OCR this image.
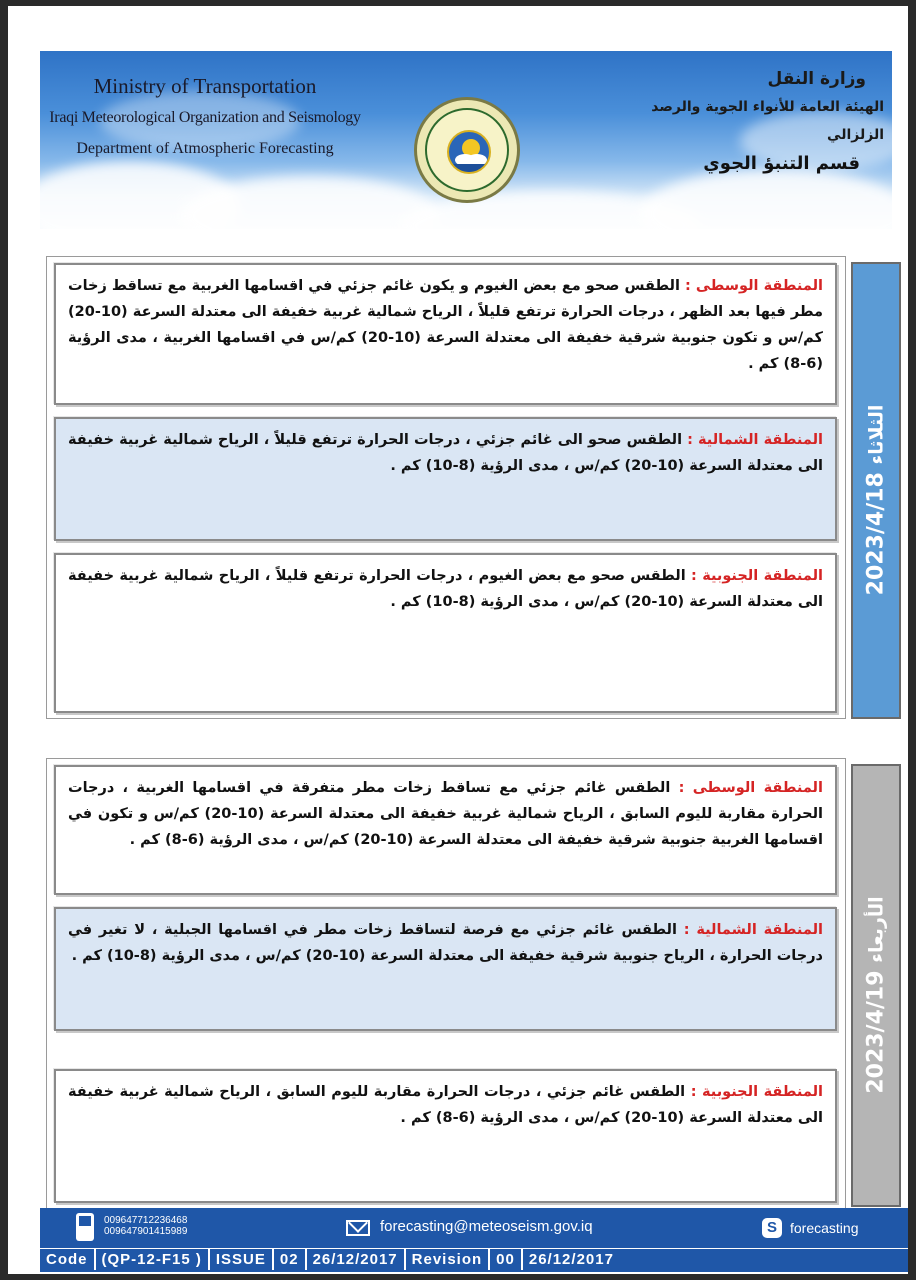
Ministry of Transportation
Iraqi Meteorological Organization and Seismology
Department of Atmospheric Forecasting
وزارة النقل
الهيئة العامة للأنواء الجوية والرصد الزلزالي
قسم التنبؤ الجوي
المنطقة الوسطى : الطقس صحو مع بعض الغيوم و يكون غائم جزئي في اقسامها الغربية مع تساقط زخات مطر فيها بعد الظهر ، درجات الحرارة ترتفع قليلاً ، الرياح شمالية غربية خفيفة الى معتدلة السرعة (10-20) كم/س و تكون جنوبية شرقية خفيفة الى معتدلة السرعة (10-20) كم/س في اقسامها الغربية ، مدى الرؤية (6-8) كم .
المنطقة الشمالية : الطقس صحو الى غائم جزئي ، درجات الحرارة ترتفع قليلاً ، الرياح شمالية غربية خفيفة الى معتدلة السرعة (10-20) كم/س ، مدى الرؤية (8-10) كم .
المنطقة الجنوبية : الطقس صحو مع بعض الغيوم ، درجات الحرارة ترتفع قليلاً ، الرياح شمالية غربية خفيفة الى معتدلة السرعة (10-20) كم/س ، مدى الرؤية (8-10) كم .
2023/4/18 الثلاثاء
المنطقة الوسطى : الطقس غائم جزئي مع تساقط زخات مطر متفرقة في اقسامها الغربية ، درجات الحرارة مقاربة لليوم السابق ، الرياح شمالية غربية خفيفة الى معتدلة السرعة (10-20) كم/س و تكون في اقسامها الغربية جنوبية شرقية خفيفة الى معتدلة السرعة (10-20) كم/س ، مدى الرؤية (6-8) كم .
المنطقة الشمالية : الطقس غائم جزئي مع فرصة لتساقط زخات مطر في اقسامها الجبلية ، لا تغير في درجات الحرارة ، الرياح جنوبية شرقية خفيفة الى معتدلة السرعة (10-20) كم/س ، مدى الرؤية (8-10) كم .
المنطقة الجنوبية : الطقس غائم جزئي ، درجات الحرارة مقاربة لليوم السابق ، الرياح شمالية غربية خفيفة الى معتدلة السرعة (10-20) كم/س ، مدى الرؤية (6-8) كم .
2023/4/19 الأربعاء
009647712236468
009647901415989	forecasting@meteoseism.gov.iq	S forecasting
Code (QP-12-F15 ) ISSUE 02 26/12/2017 Revision 00 26/12/2017
